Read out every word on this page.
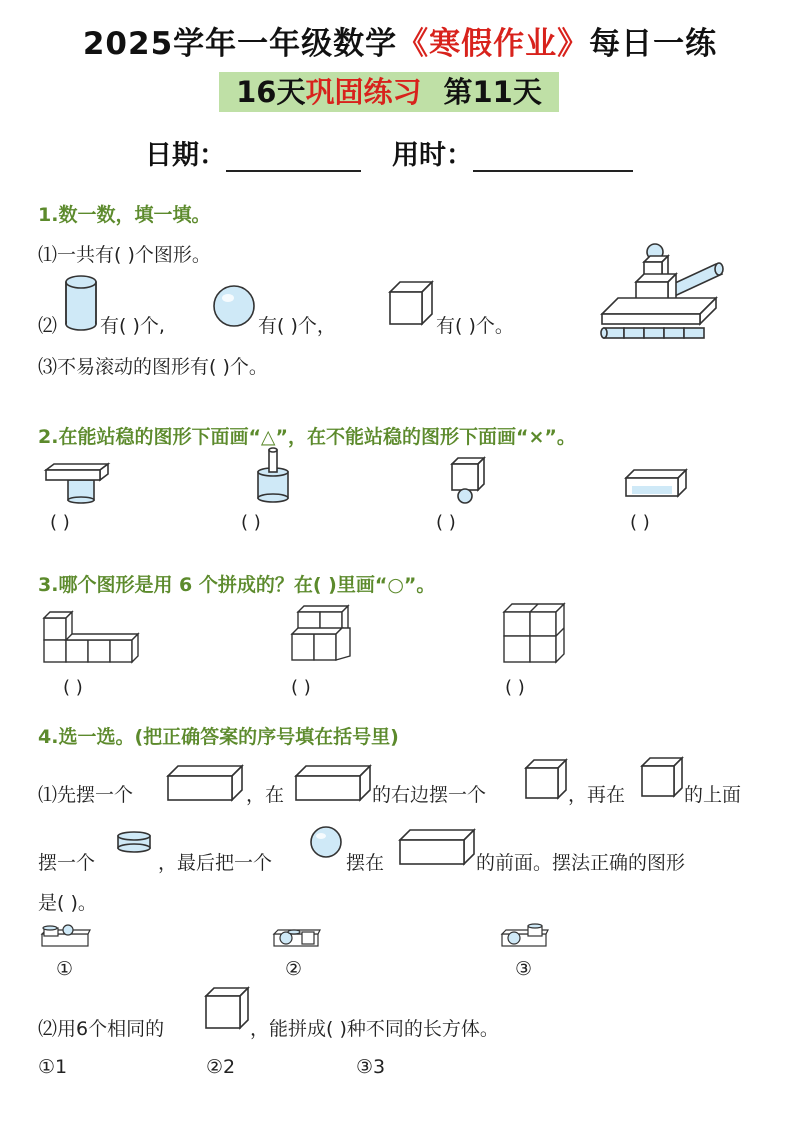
2025学年一年级数学《寒假作业》每日一练
16天巩固练习 第11天
日期：	用时：
1.数一数，填一填。
⑴一共有( )个图形。
⑵ 有( )个,	有( )个，	有( )个。
⑶不易滚动的图形有( )个。
2.在能站稳的图形下面画“△”，在不能站稳的图形下面画“×”。
( )	( )	( )	( )
3.哪个图形是用 6 个拼成的？在( )里画“○”。
( )	( )	( )
4.选一选。(把正确答案的序号填在括号里)
⑴先摆一个	，在	的右边摆一个	，再在	的上面
摆一个	，最后把一个	摆在	的前面。摆法正确的图形
是( )。
①	②	③
⑵用6个相同的	，能拼成( )种不同的长方体。
①1	②2	③3
